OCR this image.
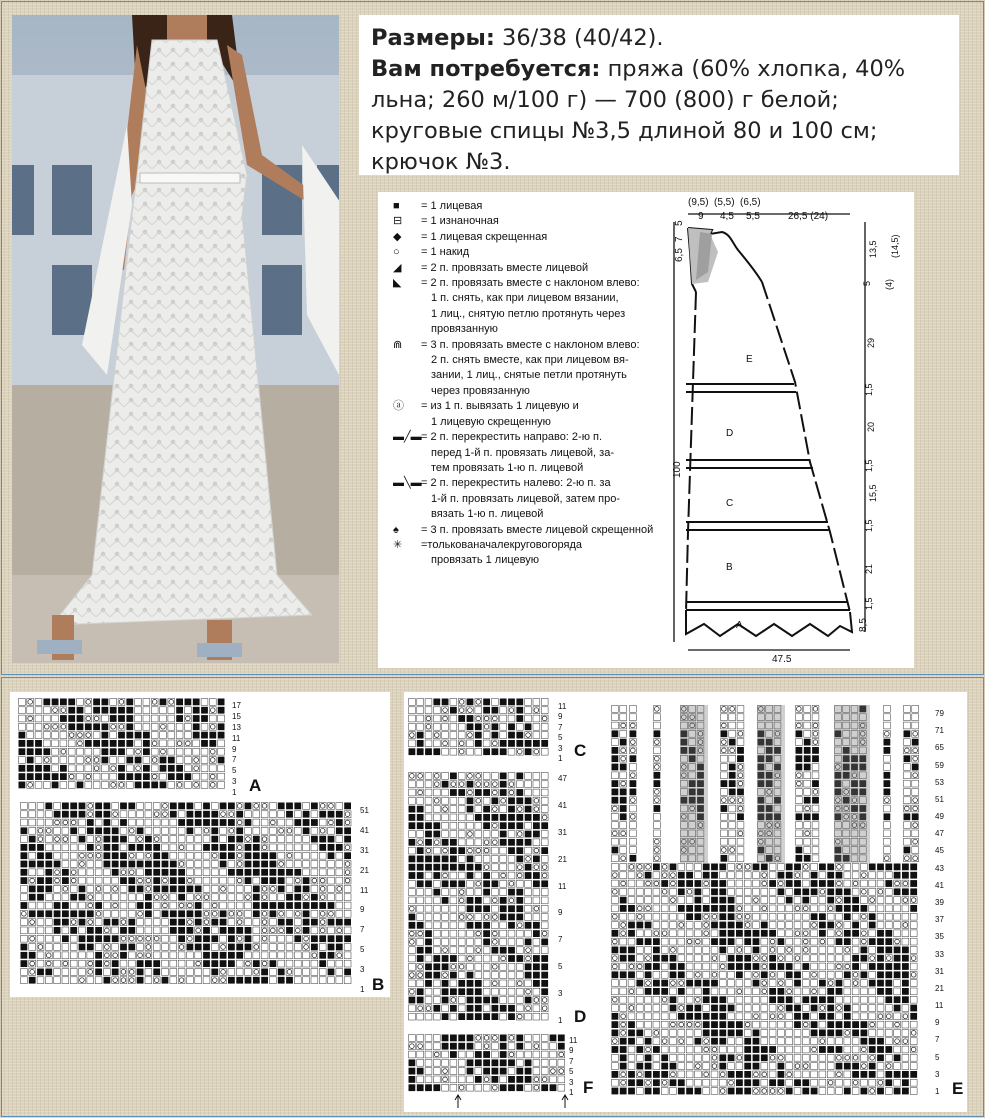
Размеры: 36/38 (40/42).
Вам потребуется: пряжа (60% хлопка, 40%
льна; 260 м/100 г) — 700 (800) г белой;
круговые спицы №3,5 длиной 80 и 100 см;
крючок №3.
■ = 1 лицевая
⊟ = 1 изнаночная
◆ = 1 лицевая скрещенная
○ = 1 накид
◢ = 2 п. провязать вместе лицевой
◣ = 2 п. провязать вместе с наклоном влево:
1 п. снять, как при лицевом вязании,
1 лиц., снятую петлю протянуть через
провязанную
⋒ = 3 п. провязать вместе с наклоном влево:
2 п. снять вместе, как при лицевом вя-
зании, 1 лиц., снятые петли протянуть
через провязанную
ⓐ = из 1 п. вывязать 1 лицевую и
1 лицевую скрещенную
▬╱▬= 2 п. перекрестить направо: 2-ю п.
перед 1-й п. провязать лицевой, за-
тем провязать 1-ю п. лицевой
▬╲▬= 2 п. перекрестить налево: 2-ю п. за
1-й п. провязать лицевой, затем про-
вязать 1-ю п. лицевой
♠ = 3 п. провязать вместе лицевой скрещенной
✳ =толькованачалекруговогоряда
провязать 1 лицевую
(9,5) (5,5) (6,5)
9 4,5 5,5	26,5 (24)
100
47.5
6,5
7
5
8,5
E
D
C
B
A
13,5 (14,5)
5 (4)
29
1,5
20
1,5
15,5
1,5
21
1,5
A
B
C
D
F	E
17
15
13
11
9
7
5
3
1
51
41
31
21
11
9
7
5
3
1
11
9
7
5
3
1
47
41
31
21
11
9
7
5
3
1
11
9
7
5
3
1
79
71
65
59
53
51
49
47
45
43
41
39
37
35
33
31
21
11
9
7
5
3
1
